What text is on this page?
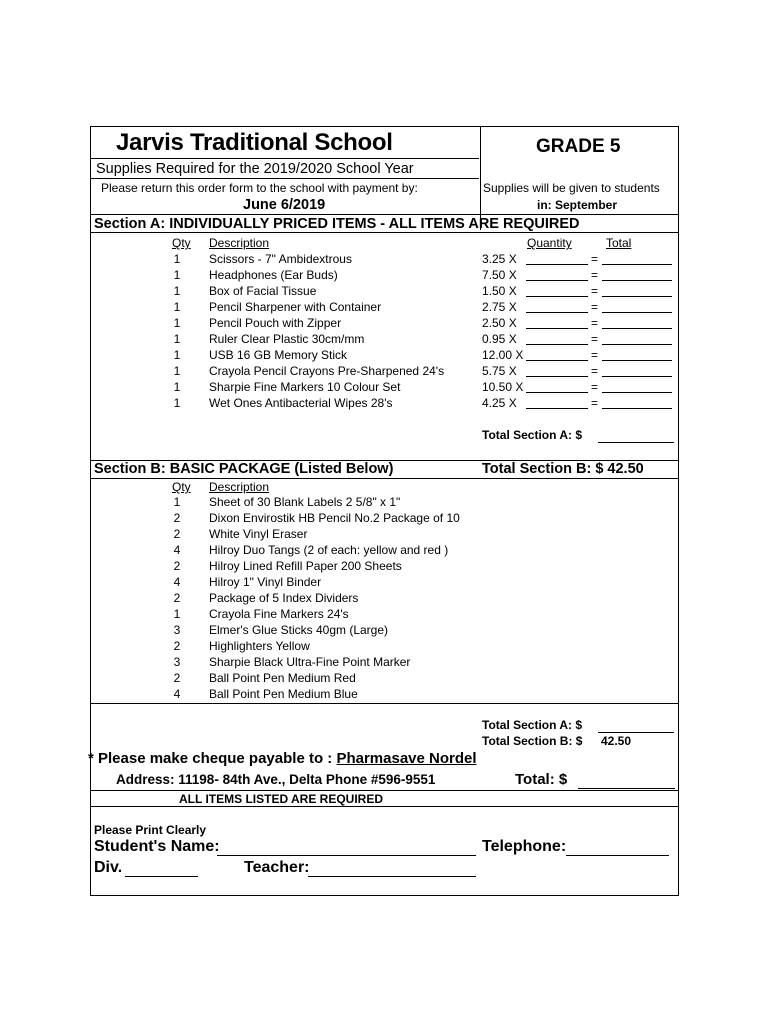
Jarvis Traditional School	GRADE 5
Supplies Required for the 2019/2020 School Year
Please return this order form to the school with payment by:
June 6/2019
Supplies will be given to students
in: September
Section A: INDIVIDUALLY PRICED ITEMS - ALL ITEMS ARE REQUIRED
Qty Description	Quantity	Total
1	Scissors - 7" Ambidextrous	3.25 X	=
1	Headphones (Ear Buds)	7.50 X	=
1	Box of Facial Tissue	1.50 X	=
1	Pencil Sharpener with Container	2.75 X	=
1	Pencil Pouch with Zipper	2.50 X	=
1	Ruler Clear Plastic 30cm/mm	0.95 X	=
1	USB 16 GB Memory Stick	12.00 X	=
1	Crayola Pencil Crayons Pre-Sharpened 24's	5.75 X	=
1	Sharpie Fine Markers 10 Colour Set	10.50 X	=
1	Wet Ones Antibacterial Wipes 28's	4.25 X	=
Total Section A: $
Section B: BASIC PACKAGE (Listed Below)	Total Section B: $ 42.50
Qty Description
1	Sheet of 30 Blank Labels 2 5/8" x 1"
2	Dixon Envirostik HB Pencil No.2 Package of 10
2	White Vinyl Eraser
4	Hilroy Duo Tangs (2 of each: yellow and red )
2	Hilroy Lined Refill Paper 200 Sheets
4	Hilroy 1" Vinyl Binder
2	Package of 5 Index Dividers
1	Crayola Fine Markers 24's
3	Elmer's Glue Sticks 40gm (Large)
2	Highlighters Yellow
3	Sharpie Black Ultra-Fine Point Marker
2	Ball Point Pen Medium Red
4	Ball Point Pen Medium Blue
Total Section A: $
Total Section B: $ 42.50
* Please make cheque payable to : Pharmasave Nordel
Address: 11198- 84th Ave., Delta Phone #596-9551	Total: $
ALL ITEMS LISTED ARE REQUIRED
Please Print Clearly
Student's Name:	Telephone:
Div.	Teacher:
